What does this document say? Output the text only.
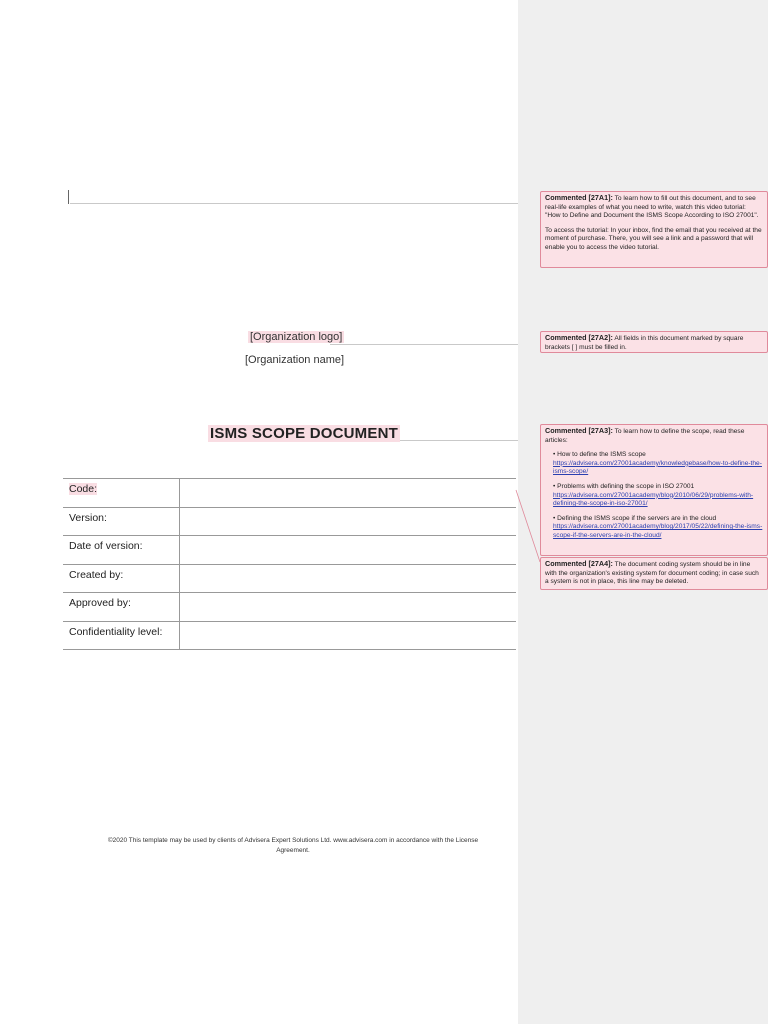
[Organization logo]
[Organization name]
ISMS SCOPE DOCUMENT
Code:	
Version:	
Date of version:	
Created by:	
Approved by:	
Confidentiality level:	
©2020 This template may be used by clients of Advisera Expert Solutions Ltd. www.advisera.com in accordance with the License
Agreement.

Commented [27A1]: To learn how to fill out this document, and to see real-life examples of what you need to write, watch this video tutorial: "How to Define and Document the ISMS Scope According to ISO 27001".

To access the tutorial: In your inbox, find the email that you received at the moment of purchase. There, you will see a link and a password that will enable you to access the video tutorial.

Commented [27A2]: All fields in this document marked by square brackets [ ] must be filled in.

Commented [27A3]: To learn how to define the scope, read these articles:

• How to define the ISMS scope
https://advisera.com/27001academy/knowledgebase/how-to-define-the-isms-scope/
• Problems with defining the scope in ISO 27001
https://advisera.com/27001academy/blog/2010/06/29/problems-with-defining-the-scope-in-iso-27001/
• Defining the ISMS scope if the servers are in the cloud
https://advisera.com/27001academy/blog/2017/05/22/defining-the-isms-scope-if-the-servers-are-in-the-cloud/

Commented [27A4]: The document coding system should be in line with the organization's existing system for document coding; in case such a system is not in place, this line may be deleted.
